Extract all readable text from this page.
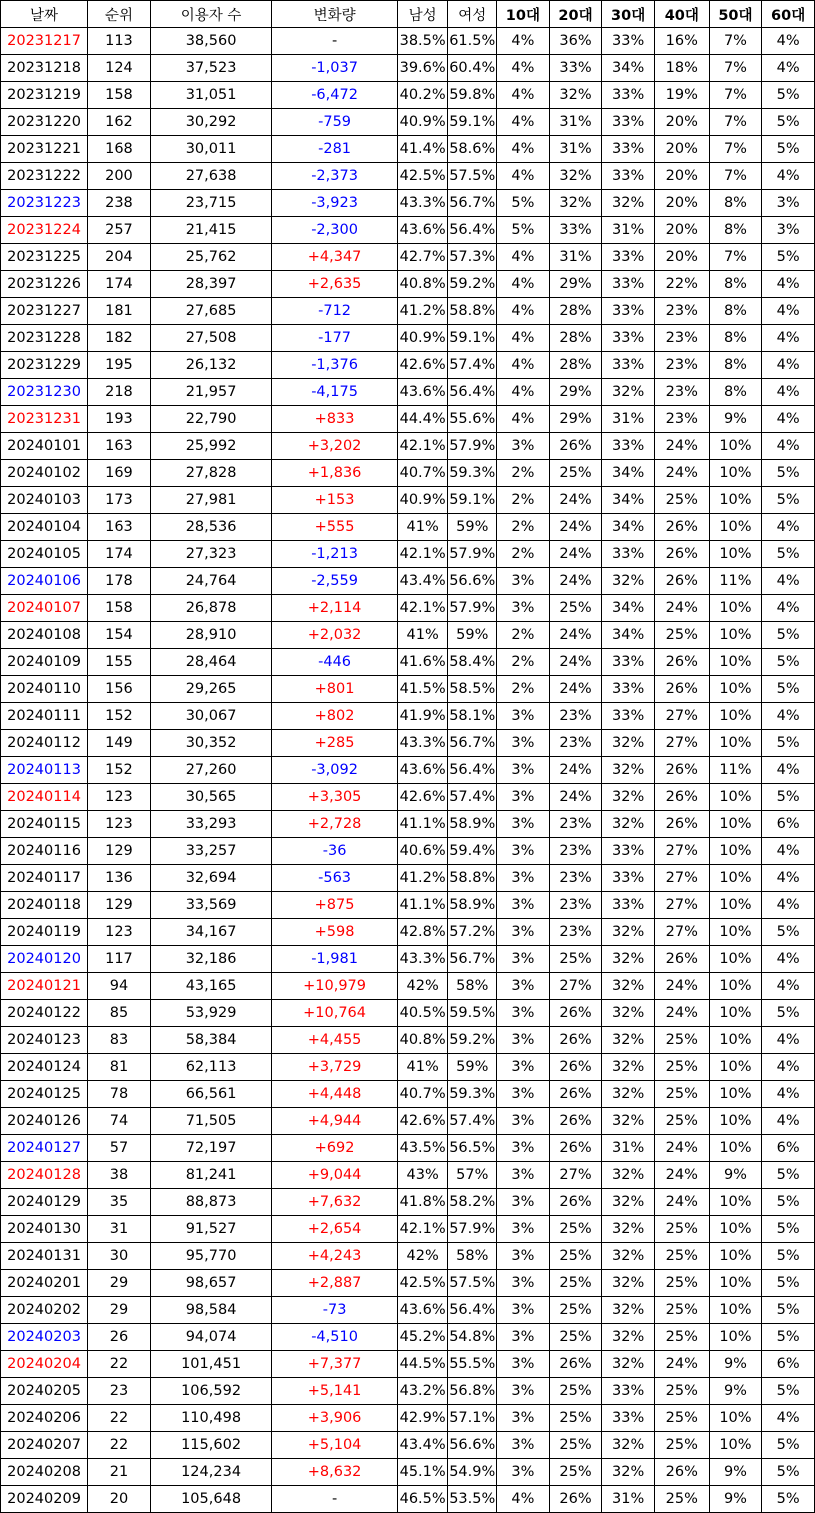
날짜	순위	이용자 수	변화량	남성	여성	10대	20대	30대	40대	50대	60대
20231217	113	38,560	-	38.5%	61.5%	4%	36%	33%	16%	7%	4%
20231218	124	37,523	-1,037	39.6%	60.4%	4%	33%	34%	18%	7%	4%
20231219	158	31,051	-6,472	40.2%	59.8%	4%	32%	33%	19%	7%	5%
20231220	162	30,292	-759	40.9%	59.1%	4%	31%	33%	20%	7%	5%
20231221	168	30,011	-281	41.4%	58.6%	4%	31%	33%	20%	7%	5%
20231222	200	27,638	-2,373	42.5%	57.5%	4%	32%	33%	20%	7%	4%
20231223	238	23,715	-3,923	43.3%	56.7%	5%	32%	32%	20%	8%	3%
20231224	257	21,415	-2,300	43.6%	56.4%	5%	33%	31%	20%	8%	3%
20231225	204	25,762	+4,347	42.7%	57.3%	4%	31%	33%	20%	7%	5%
20231226	174	28,397	+2,635	40.8%	59.2%	4%	29%	33%	22%	8%	4%
20231227	181	27,685	-712	41.2%	58.8%	4%	28%	33%	23%	8%	4%
20231228	182	27,508	-177	40.9%	59.1%	4%	28%	33%	23%	8%	4%
20231229	195	26,132	-1,376	42.6%	57.4%	4%	28%	33%	23%	8%	4%
20231230	218	21,957	-4,175	43.6%	56.4%	4%	29%	32%	23%	8%	4%
20231231	193	22,790	+833	44.4%	55.6%	4%	29%	31%	23%	9%	4%
20240101	163	25,992	+3,202	42.1%	57.9%	3%	26%	33%	24%	10%	4%
20240102	169	27,828	+1,836	40.7%	59.3%	2%	25%	34%	24%	10%	5%
20240103	173	27,981	+153	40.9%	59.1%	2%	24%	34%	25%	10%	5%
20240104	163	28,536	+555	41%	59%	2%	24%	34%	26%	10%	4%
20240105	174	27,323	-1,213	42.1%	57.9%	2%	24%	33%	26%	10%	5%
20240106	178	24,764	-2,559	43.4%	56.6%	3%	24%	32%	26%	11%	4%
20240107	158	26,878	+2,114	42.1%	57.9%	3%	25%	34%	24%	10%	4%
20240108	154	28,910	+2,032	41%	59%	2%	24%	34%	25%	10%	5%
20240109	155	28,464	-446	41.6%	58.4%	2%	24%	33%	26%	10%	5%
20240110	156	29,265	+801	41.5%	58.5%	2%	24%	33%	26%	10%	5%
20240111	152	30,067	+802	41.9%	58.1%	3%	23%	33%	27%	10%	4%
20240112	149	30,352	+285	43.3%	56.7%	3%	23%	32%	27%	10%	5%
20240113	152	27,260	-3,092	43.6%	56.4%	3%	24%	32%	26%	11%	4%
20240114	123	30,565	+3,305	42.6%	57.4%	3%	24%	32%	26%	10%	5%
20240115	123	33,293	+2,728	41.1%	58.9%	3%	23%	32%	26%	10%	6%
20240116	129	33,257	-36	40.6%	59.4%	3%	23%	33%	27%	10%	4%
20240117	136	32,694	-563	41.2%	58.8%	3%	23%	33%	27%	10%	4%
20240118	129	33,569	+875	41.1%	58.9%	3%	23%	33%	27%	10%	4%
20240119	123	34,167	+598	42.8%	57.2%	3%	23%	32%	27%	10%	5%
20240120	117	32,186	-1,981	43.3%	56.7%	3%	25%	32%	26%	10%	4%
20240121	94	43,165	+10,979	42%	58%	3%	27%	32%	24%	10%	4%
20240122	85	53,929	+10,764	40.5%	59.5%	3%	26%	32%	24%	10%	5%
20240123	83	58,384	+4,455	40.8%	59.2%	3%	26%	32%	25%	10%	4%
20240124	81	62,113	+3,729	41%	59%	3%	26%	32%	25%	10%	4%
20240125	78	66,561	+4,448	40.7%	59.3%	3%	26%	32%	25%	10%	4%
20240126	74	71,505	+4,944	42.6%	57.4%	3%	26%	32%	25%	10%	4%
20240127	57	72,197	+692	43.5%	56.5%	3%	26%	31%	24%	10%	6%
20240128	38	81,241	+9,044	43%	57%	3%	27%	32%	24%	9%	5%
20240129	35	88,873	+7,632	41.8%	58.2%	3%	26%	32%	24%	10%	5%
20240130	31	91,527	+2,654	42.1%	57.9%	3%	25%	32%	25%	10%	5%
20240131	30	95,770	+4,243	42%	58%	3%	25%	32%	25%	10%	5%
20240201	29	98,657	+2,887	42.5%	57.5%	3%	25%	32%	25%	10%	5%
20240202	29	98,584	-73	43.6%	56.4%	3%	25%	32%	25%	10%	5%
20240203	26	94,074	-4,510	45.2%	54.8%	3%	25%	32%	25%	10%	5%
20240204	22	101,451	+7,377	44.5%	55.5%	3%	26%	32%	24%	9%	6%
20240205	23	106,592	+5,141	43.2%	56.8%	3%	25%	33%	25%	9%	5%
20240206	22	110,498	+3,906	42.9%	57.1%	3%	25%	33%	25%	10%	4%
20240207	22	115,602	+5,104	43.4%	56.6%	3%	25%	32%	25%	10%	5%
20240208	21	124,234	+8,632	45.1%	54.9%	3%	25%	32%	26%	9%	5%
20240209	20	105,648	-	46.5%	53.5%	4%	26%	31%	25%	9%	5%
